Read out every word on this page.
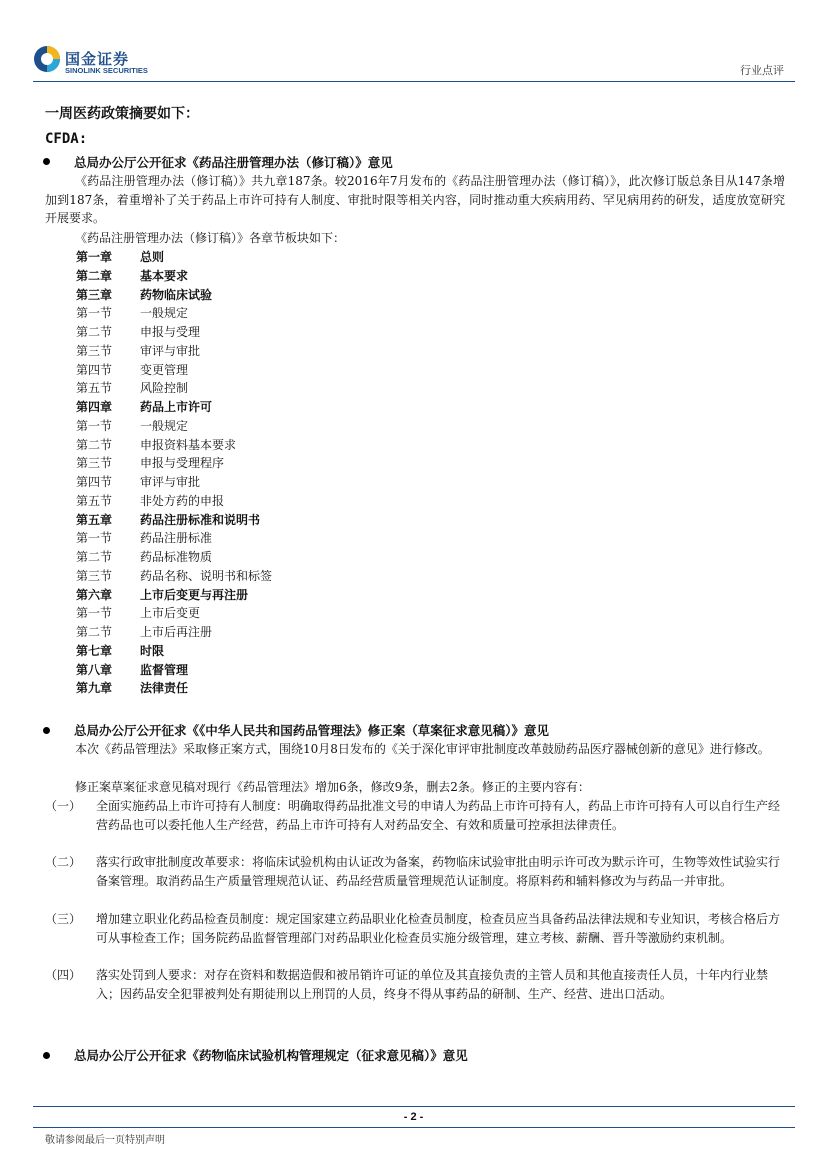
国金证券
SINOLINK SECURITIES	行业点评
一周医药政策摘要如下：
CFDA:
总局办公厅公开征求《药品注册管理办法（修订稿）》意见
《药品注册管理办法（修订稿）》共九章187条。较2016年7月发布的《药品注册管理办法（修订稿）》，此次修订版总条目从147条增加到187条，着重增补了关于药品上市许可持有人制度、审批时限等相关内容，同时推动重大疾病用药、罕见病用药的研发，适度放宽研究开展要求。
《药品注册管理办法（修订稿）》各章节板块如下：
第一章	总则
第二章	基本要求
第三章	药物临床试验
第一节	一般规定
第二节	申报与受理
第三节	审评与审批
第四节	变更管理
第五节	风险控制
第四章	药品上市许可
第一节	一般规定
第二节	申报资料基本要求
第三节	申报与受理程序
第四节	审评与审批
第五节	非处方药的申报
第五章	药品注册标准和说明书
第一节	药品注册标准
第二节	药品标准物质
第三节	药品名称、说明书和标签
第六章	上市后变更与再注册
第一节	上市后变更
第二节	上市后再注册
第七章	时限
第八章	监督管理
第九章	法律责任
总局办公厅公开征求《《中华人民共和国药品管理法》修正案（草案征求意见稿）》意见
本次《药品管理法》采取修正案方式，围绕10月8日发布的《关于深化审评审批制度改革鼓励药品医疗器械创新的意见》进行修改。
修正案草案征求意见稿对现行《药品管理法》增加6条，修改9条，删去2条。修正的主要内容有：
（一） 全面实施药品上市许可持有人制度：明确取得药品批准文号的申请人为药品上市许可持有人，药品上市许可持有人可以自行生产经营药品也可以委托他人生产经营，药品上市许可持有人对药品安全、有效和质量可控承担法律责任。
（二） 落实行政审批制度改革要求：将临床试验机构由认证改为备案，药物临床试验审批由明示许可改为默示许可，生物等效性试验实行备案管理。取消药品生产质量管理规范认证、药品经营质量管理规范认证制度。将原料药和辅料修改为与药品一并审批。
（三） 增加建立职业化药品检查员制度：规定国家建立药品职业化检查员制度，检查员应当具备药品法律法规和专业知识，考核合格后方可从事检查工作；国务院药品监督管理部门对药品职业化检查员实施分级管理，建立考核、薪酬、晋升等激励约束机制。
（四） 落实处罚到人要求：对存在资料和数据造假和被吊销许可证的单位及其直接负责的主管人员和其他直接责任人员，十年内行业禁入；因药品安全犯罪被判处有期徒刑以上刑罚的人员，终身不得从事药品的研制、生产、经营、进出口活动。
总局办公厅公开征求《药物临床试验机构管理规定（征求意见稿）》意见
- 2 -
敬请参阅最后一页特别声明
